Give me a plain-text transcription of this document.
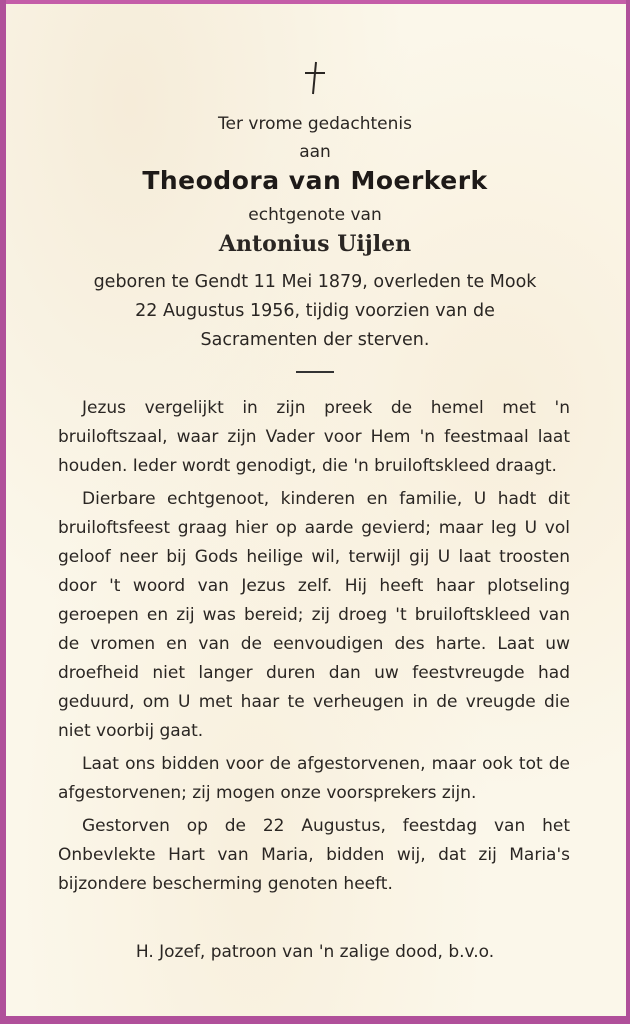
Ter vrome gedachtenis
aan
Theodora van Moerkerk
echtgenote van
Antonius Uijlen
geboren te Gendt 11 Mei 1879, overleden te Mook
22 Augustus 1956, tijdig voorzien van de
Sacramenten der sterven.

Jezus vergelijkt in zijn preek de hemel met 'n bruiloftszaal, waar zijn Vader voor Hem 'n feestmaal laat houden. Ieder wordt genodigt, die 'n bruiloftskleed draagt.

Dierbare echtgenoot, kinderen en familie, U hadt dit bruiloftsfeest graag hier op aarde gevierd; maar leg U vol geloof neer bij Gods heilige wil, terwijl gij U laat troosten door 't woord van Jezus zelf. Hij heeft haar plotseling geroepen en zij was bereid; zij droeg 't bruiloftskleed van de vromen en van de eenvoudigen des harte. Laat uw droefheid niet langer duren dan uw feestvreugde had geduurd, om U met haar te verheugen in de vreugde die niet voorbij gaat.

Laat ons bidden voor de afgestorvenen, maar ook tot de afgestorvenen; zij mogen onze voorsprekers zijn.

Gestorven op de 22 Augustus, feestdag van het Onbevlekte Hart van Maria, bidden wij, dat zij Maria's bijzondere bescherming genoten heeft.

H. Jozef, patroon van 'n zalige dood, b.v.o.
